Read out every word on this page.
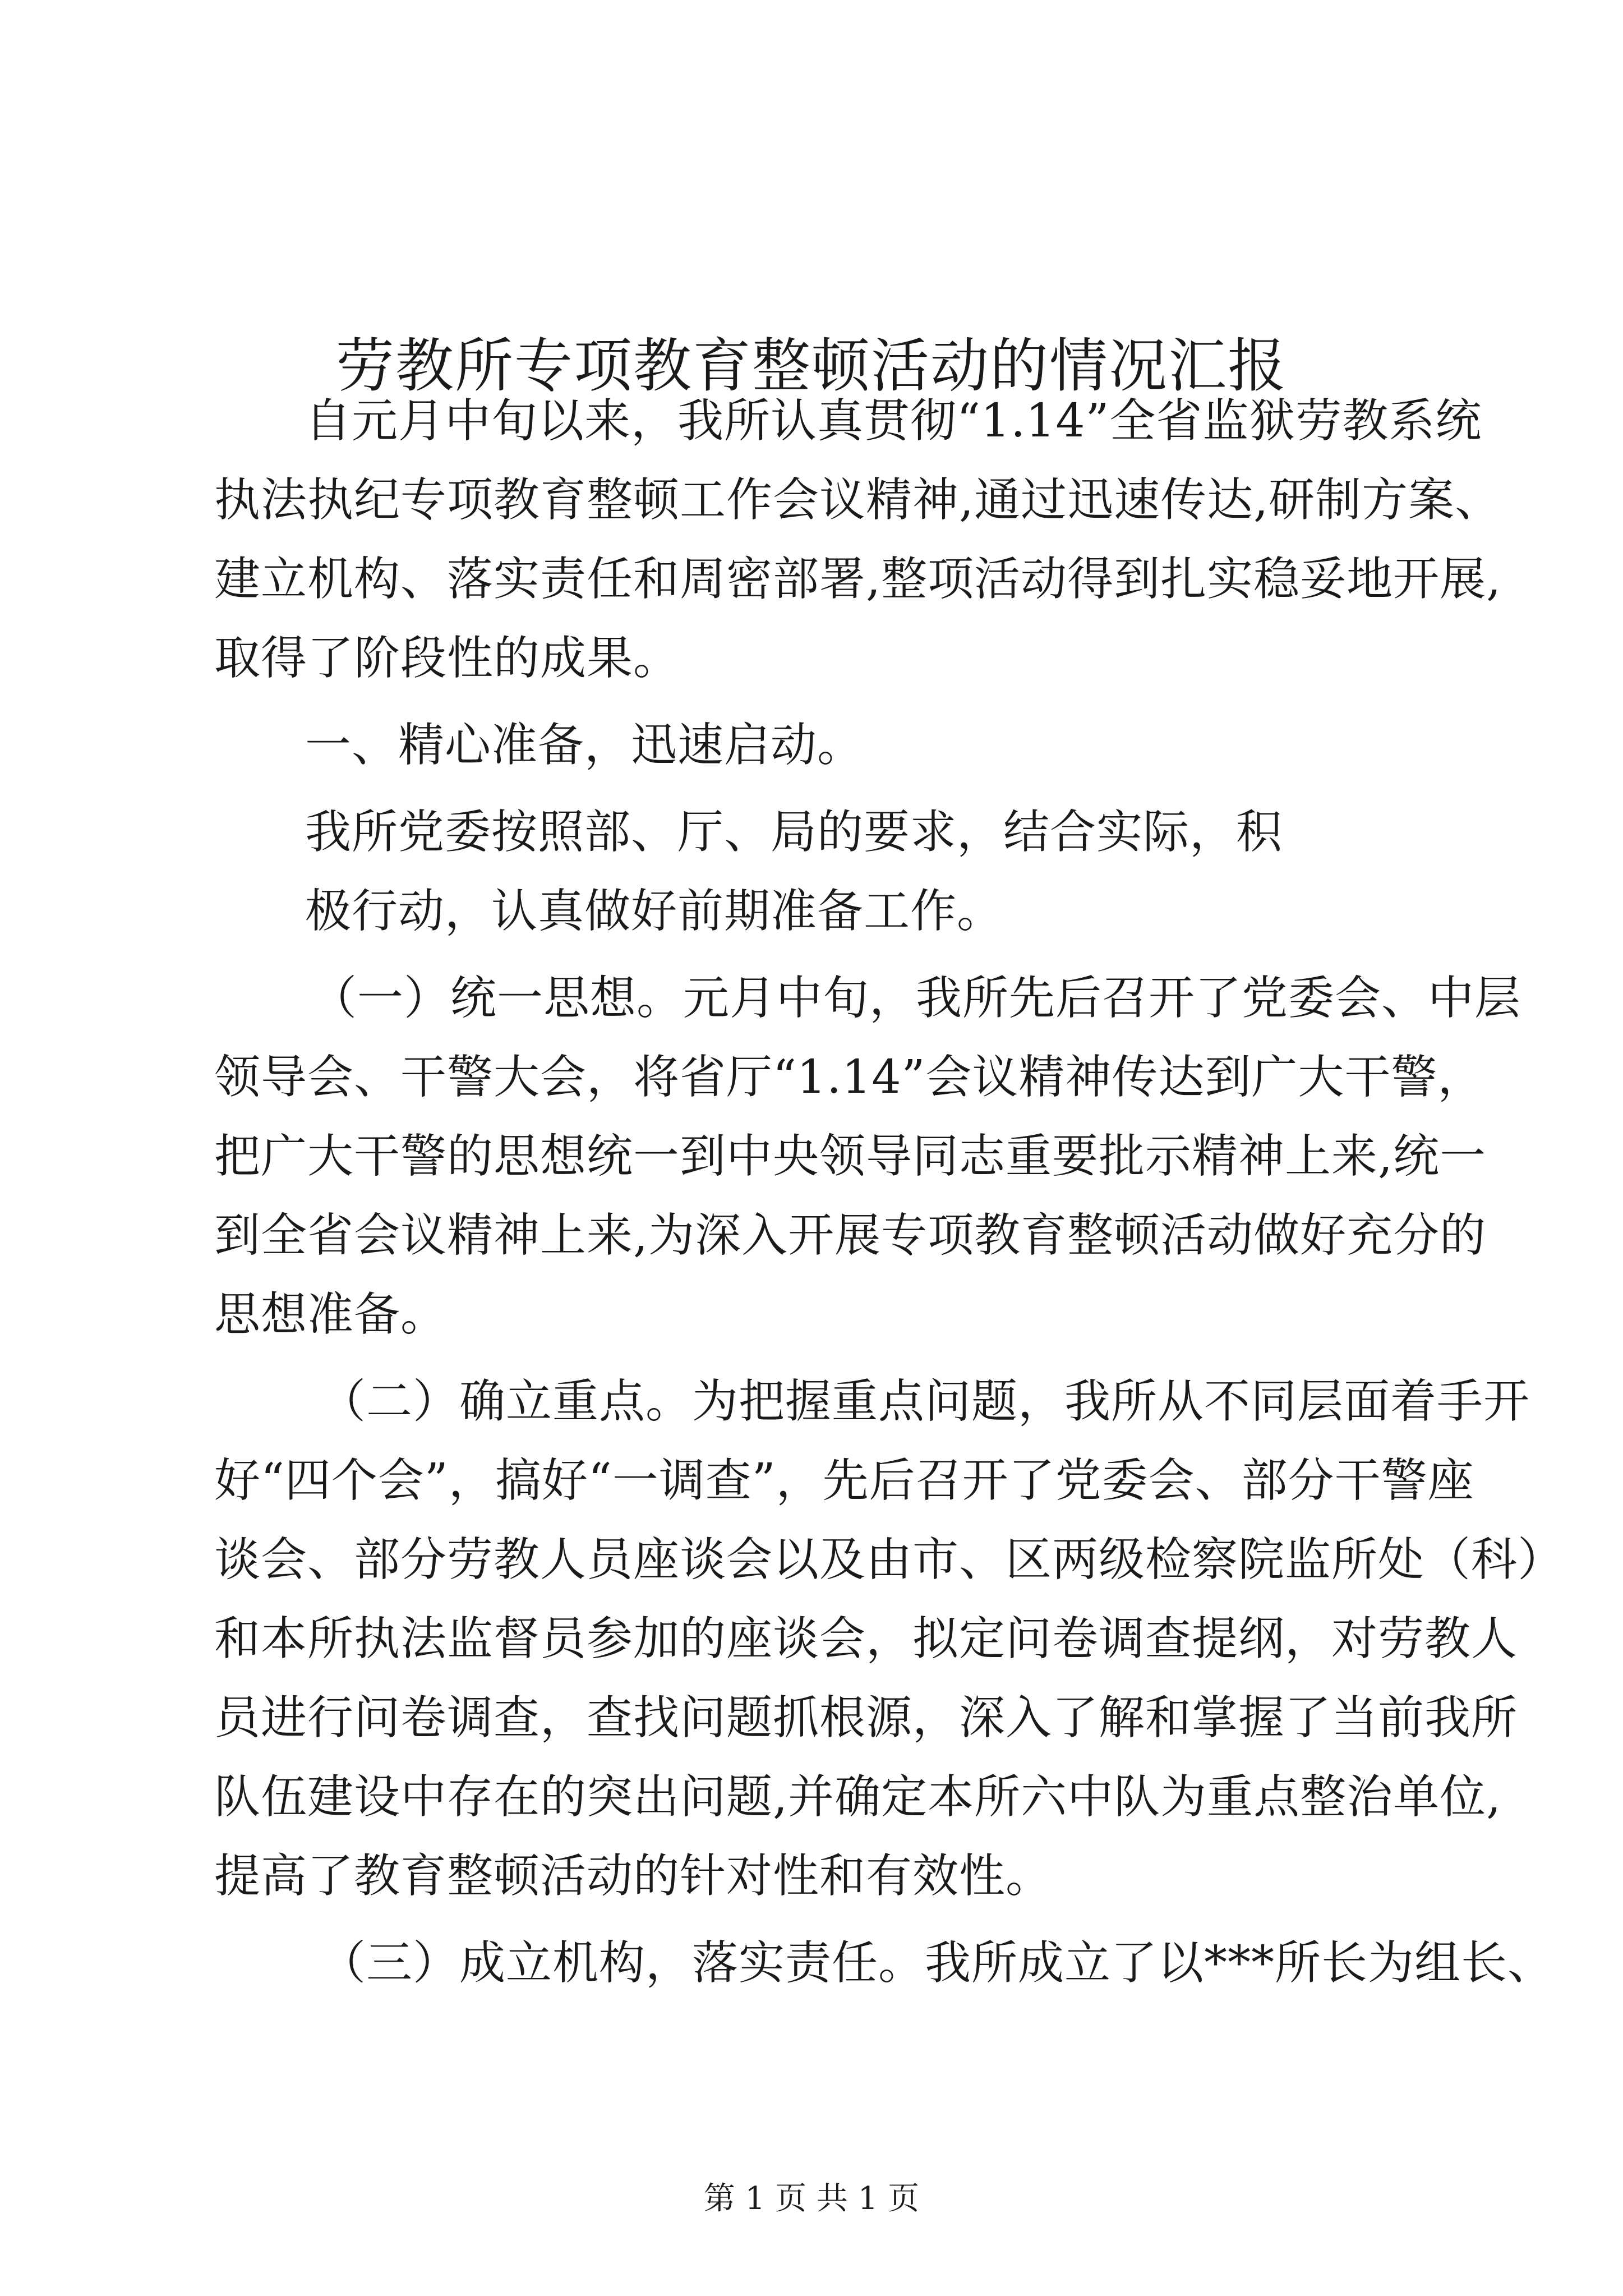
劳教所专项教育整顿活动的情况汇报
自元月中旬以来，我所认真贯彻“1.14”全省监狱劳教系统
执法执纪专项教育整顿工作会议精神,通过迅速传达,研制方案、
建立机构、落实责任和周密部署,整项活动得到扎实稳妥地开展,
取得了阶段性的成果。
一、精心准备，迅速启动。
我所党委按照部、厅、局的要求，结合实际，积
极行动，认真做好前期准备工作。
（一）统一思想。元月中旬，我所先后召开了党委会、中层
领导会、干警大会，将省厅“1.14”会议精神传达到广大干警，
把广大干警的思想统一到中央领导同志重要批示精神上来,统一
到全省会议精神上来,为深入开展专项教育整顿活动做好充分的
思想准备。
（二）确立重点。为把握重点问题，我所从不同层面着手开
好“四个会”，搞好“一调查”，先后召开了党委会、部分干警座
谈会、部分劳教人员座谈会以及由市、区两级检察院监所处（科）
和本所执法监督员参加的座谈会，拟定问卷调查提纲，对劳教人
员进行问卷调查，查找问题抓根源，深入了解和掌握了当前我所
队伍建设中存在的突出问题,并确定本所六中队为重点整治单位,
提高了教育整顿活动的针对性和有效性。
（三）成立机构，落实责任。我所成立了以***所长为组长、
第 1 页 共 1 页
